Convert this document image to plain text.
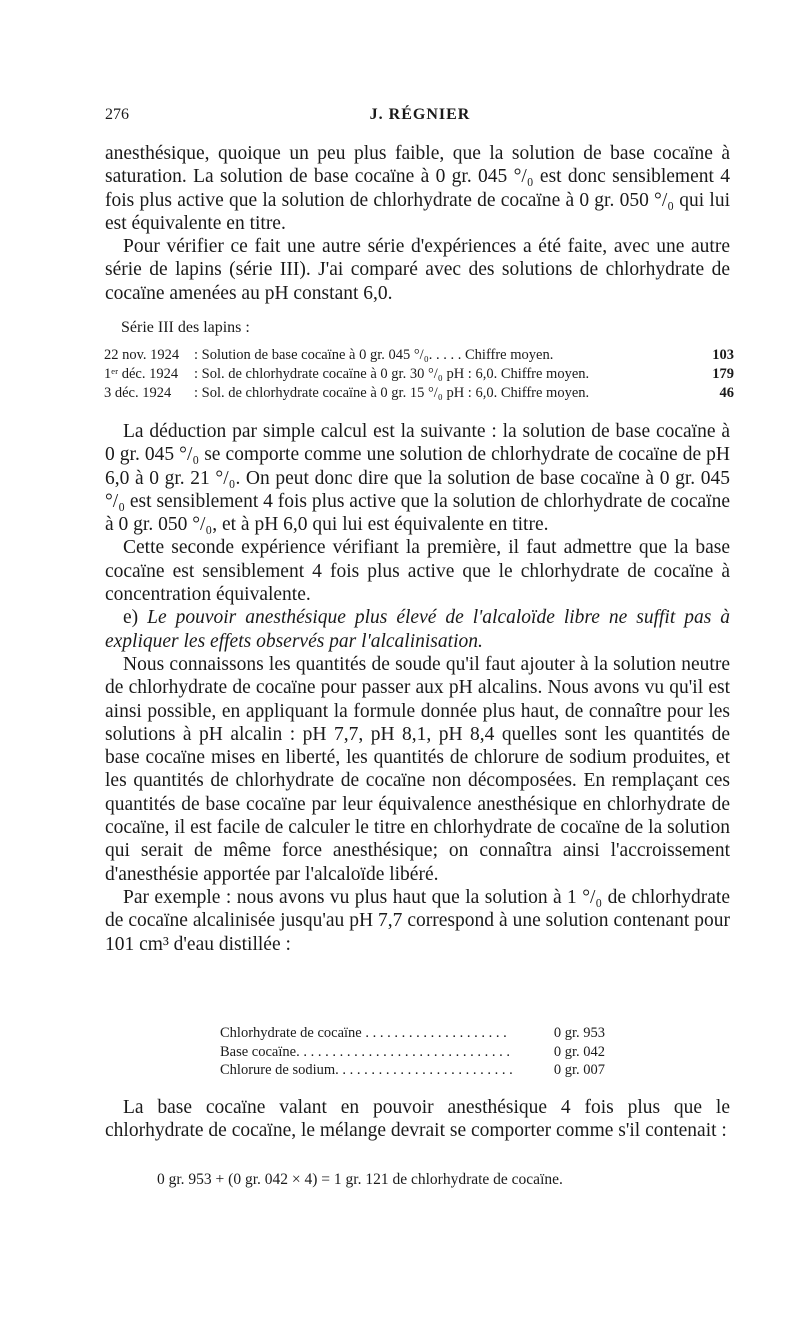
276	J. RÉGNIER

anesthésique, quoique un peu plus faible, que la solution de base cocaïne à saturation. La solution de base cocaïne à 0 gr. 045 °/₀ est donc sensiblement 4 fois plus active que la solution de chlorhydrate de cocaïne à 0 gr. 050 °/₀ qui lui est équivalente en titre.

Pour vérifier ce fait une autre série d'expériences a été faite, avec une autre série de lapins (série III). J'ai comparé avec des solutions de chlorhydrate de cocaïne amenées au pH constant 6,0.

Série III des lapins :
22 nov. 1924 : Solution de base cocaïne à 0 gr. 045 °/₀. . . . . Chiffre moyen.	103
1ᵉʳ déc. 1924 : Sol. de chlorhydrate cocaïne à 0 gr. 30 °/₀ pH : 6,0. Chiffre moyen.	179
3 déc. 1924 : Sol. de chlorhydrate cocaïne à 0 gr. 15 °/₀ pH : 6,0. Chiffre moyen.	46

La déduction par simple calcul est la suivante : la solution de base cocaïne à 0 gr. 045 °/₀ se comporte comme une solution de chlorhydrate de cocaïne de pH 6,0 à 0 gr. 21 °/₀. On peut donc dire que la solution de base cocaïne à 0 gr. 045 °/₀ est sensiblement 4 fois plus active que la solution de chlorhydrate de cocaïne à 0 gr. 050 °/₀, et à pH 6,0 qui lui est équivalente en titre.

Cette seconde expérience vérifiant la première, il faut admettre que la base cocaïne est sensiblement 4 fois plus active que le chlorhydrate de cocaïne à concentration équivalente.

e) Le pouvoir anesthésique plus élevé de l'alcaloïde libre ne suffit pas à expliquer les effets observés par l'alcalinisation.

Nous connaissons les quantités de soude qu'il faut ajouter à la solution neutre de chlorhydrate de cocaïne pour passer aux pH alcalins. Nous avons vu qu'il est ainsi possible, en appliquant la formule donnée plus haut, de connaître pour les solutions à pH alcalin : pH 7,7, pH 8,1, pH 8,4 quelles sont les quantités de base cocaïne mises en liberté, les quantités de chlorure de sodium produites, et les quantités de chlorhydrate de cocaïne non décomposées. En remplaçant ces quantités de base cocaïne par leur équivalence anesthésique en chlorhydrate de cocaïne, il est facile de calculer le titre en chlorhydrate de cocaïne de la solution qui serait de même force anesthésique; on connaîtra ainsi l'accroissement d'anesthésie apportée par l'alcaloïde libéré.

Par exemple : nous avons vu plus haut que la solution à 1 °/₀ de chlorhydrate de cocaïne alcalinisée jusqu'au pH 7,7 correspond à une solution contenant pour 101 cm³ d'eau distillée :

Chlorhydrate de cocaïne . . . . . . . . . . . . . . . . . . . .	0 gr. 953
Base cocaïne. . . . . . . . . . . . . . . . . . . . . . . . . . . . . .	0 gr. 042
Chlorure de sodium. . . . . . . . . . . . . . . . . . . . . . . . .	0 gr. 007

La base cocaïne valant en pouvoir anesthésique 4 fois plus que le chlorhydrate de cocaïne, le mélange devrait se comporter comme s'il contenait :

0 gr. 953 + (0 gr. 042 × 4) = 1 gr. 121 de chlorhydrate de cocaïne.
